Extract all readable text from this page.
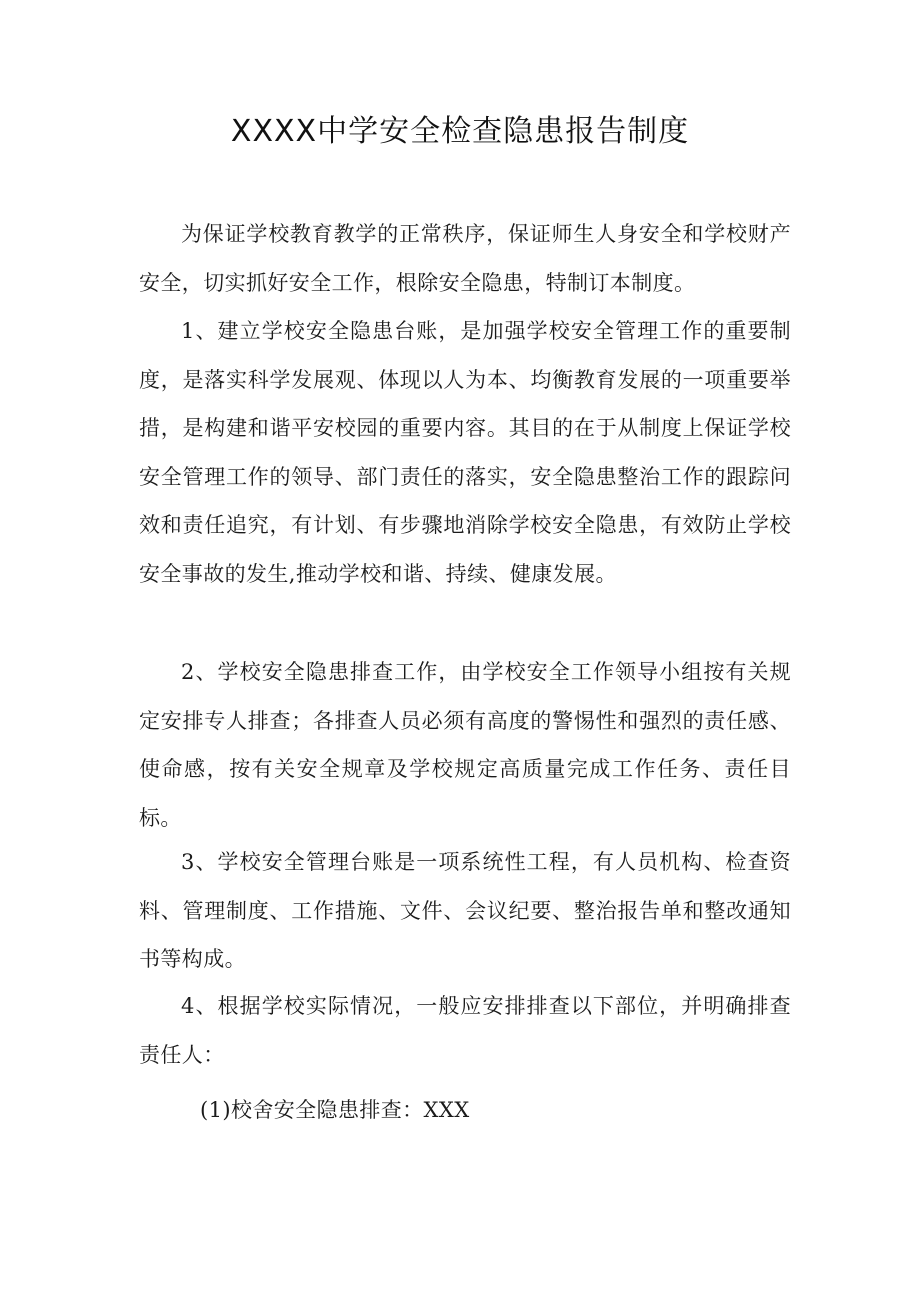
XXXX中学安全检查隐患报告制度

为保证学校教育教学的正常秩序，保证师生人身安全和学校财产安全，切实抓好安全工作，根除安全隐患，特制订本制度。

1、建立学校安全隐患台账，是加强学校安全管理工作的重要制度，是落实科学发展观、体现以人为本、均衡教育发展的一项重要举措，是构建和谐平安校园的重要内容。其目的在于从制度上保证学校安全管理工作的领导、部门责任的落实，安全隐患整治工作的跟踪问效和责任追究，有计划、有步骤地消除学校安全隐患，有效防止学校安全事故的发生,推动学校和谐、持续、健康发展。

2、学校安全隐患排查工作，由学校安全工作领导小组按有关规定安排专人排查；各排查人员必须有高度的警惕性和强烈的责任感、使命感，按有关安全规章及学校规定高质量完成工作任务、责任目标。

3、学校安全管理台账是一项系统性工程，有人员机构、检查资料、管理制度、工作措施、文件、会议纪要、整治报告单和整改通知书等构成。

4、根据学校实际情况，一般应安排排查以下部位，并明确排查责任人：

(1)校舍安全隐患排查：XXX
